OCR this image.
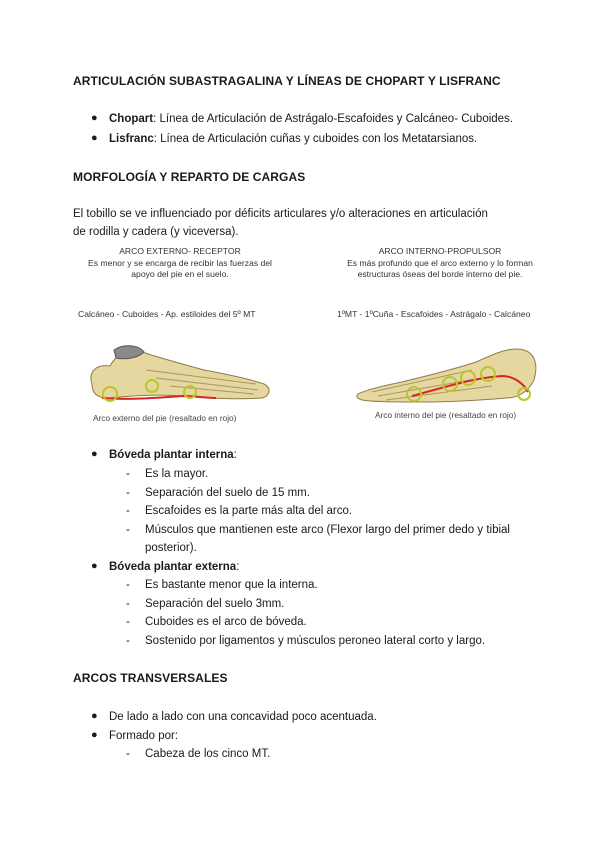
ARTICULACIÓN SUBASTRAGALINA Y LÍNEAS DE CHOPART Y LISFRANC
● Chopart: Línea de Articulación de Astrágalo-Escafoides y Calcáneo- Cuboides.
● Lisfranc: Línea de Articulación cuñas y cuboides con los Metatarsianos.
MORFOLOGÍA Y REPARTO DE CARGAS
El tobillo se ve influenciado por déficits articulares y/o alteraciones en articulación
de rodilla y cadera (y viceversa).
ARCO EXTERNO- RECEPTOR
Es menor y se encarga de recibir las fuerzas del
apoyo del pie en el suelo.
ARCO INTERNO-PROPULSOR
Es más profundo que el arco externo y lo forman
estructuras óseas del borde interno del pie.
Calcáneo - Cuboides - Ap. estiloides del 5º MT	1ºMT - 1ºCuña - Escafoides - Astrágalo - Calcáneo
Arco externo del pie (resaltado en rojo)	Arco interno del pie (resaltado en rojo)
● Bóveda plantar interna:
- Es la mayor.
- Separación del suelo de 15 mm.
- Escafoides es la parte más alta del arco.
- Músculos que mantienen este arco (Flexor largo del primer dedo y tibial
posterior).
● Bóveda plantar externa:
- Es bastante menor que la interna.
- Separación del suelo 3mm.
- Cuboides es el arco de bóveda.
- Sostenido por ligamentos y músculos peroneo lateral corto y largo.
ARCOS TRANSVERSALES
● De lado a lado con una concavidad poco acentuada.
● Formado por:
- Cabeza de los cinco MT.
